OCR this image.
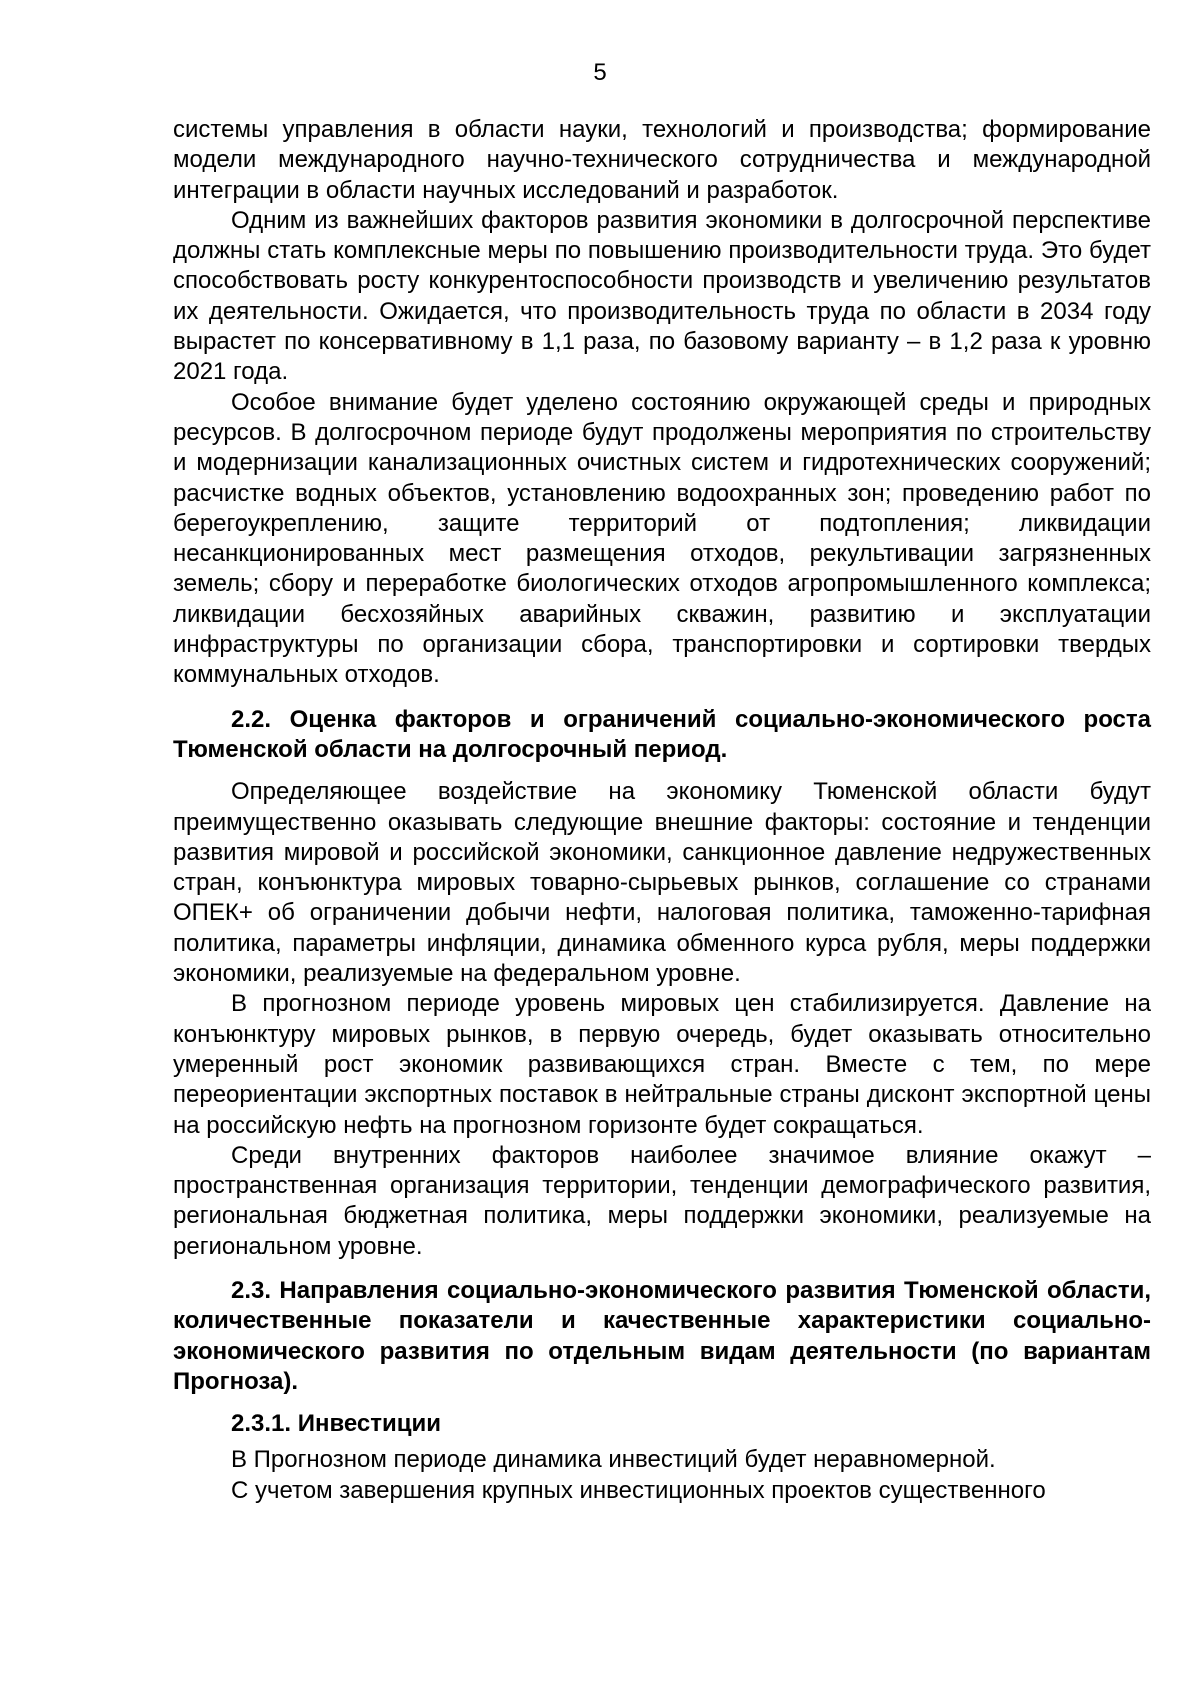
5

системы управления в области науки, технологий и производства; формирование модели международного научно-технического сотрудничества и международной интеграции в области научных исследований и разработок.

Одним из важнейших факторов развития экономики в долгосрочной перспективе должны стать комплексные меры по повышению производительности труда. Это будет способствовать росту конкурентоспособности производств и увеличению результатов их деятельности. Ожидается, что производительность труда по области в 2034 году вырастет по консервативному в 1,1 раза, по базовому варианту – в 1,2 раза к уровню 2021 года.

Особое внимание будет уделено состоянию окружающей среды и природных ресурсов. В долгосрочном периоде будут продолжены мероприятия по строительству и модернизации канализационных очистных систем и гидротехнических сооружений; расчистке водных объектов, установлению водоохранных зон; проведению работ по берегоукреплению, защите территорий от подтопления; ликвидации несанкционированных мест размещения отходов, рекультивации загрязненных земель; сбору и переработке биологических отходов агропромышленного комплекса; ликвидации бесхозяйных аварийных скважин, развитию и эксплуатации инфраструктуры по организации сбора, транспортировки и сортировки твердых коммунальных отходов.

2.2. Оценка факторов и ограничений социально-экономического роста Тюменской области на долгосрочный период.

Определяющее воздействие на экономику Тюменской области будут преимущественно оказывать следующие внешние факторы: состояние и тенденции развития мировой и российской экономики, санкционное давление недружественных стран, конъюнктура мировых товарно-сырьевых рынков, соглашение со странами ОПЕК+ об ограничении добычи нефти, налоговая политика, таможенно-тарифная политика, параметры инфляции, динамика обменного курса рубля, меры поддержки экономики, реализуемые на федеральном уровне.

В прогнозном периоде уровень мировых цен стабилизируется. Давление на конъюнктуру мировых рынков, в первую очередь, будет оказывать относительно умеренный рост экономик развивающихся стран. Вместе с тем, по мере переориентации экспортных поставок в нейтральные страны дисконт экспортной цены на российскую нефть на прогнозном горизонте будет сокращаться.

Среди внутренних факторов наиболее значимое влияние окажут – пространственная организация территории, тенденции демографического развития, региональная бюджетная политика, меры поддержки экономики, реализуемые на региональном уровне.

2.3. Направления социально-экономического развития Тюменской области, количественные показатели и качественные характеристики социально-экономического развития по отдельным видам деятельности (по вариантам Прогноза).

2.3.1. Инвестиции

В Прогнозном периоде динамика инвестиций будет неравномерной.

С учетом завершения крупных инвестиционных проектов существенного
